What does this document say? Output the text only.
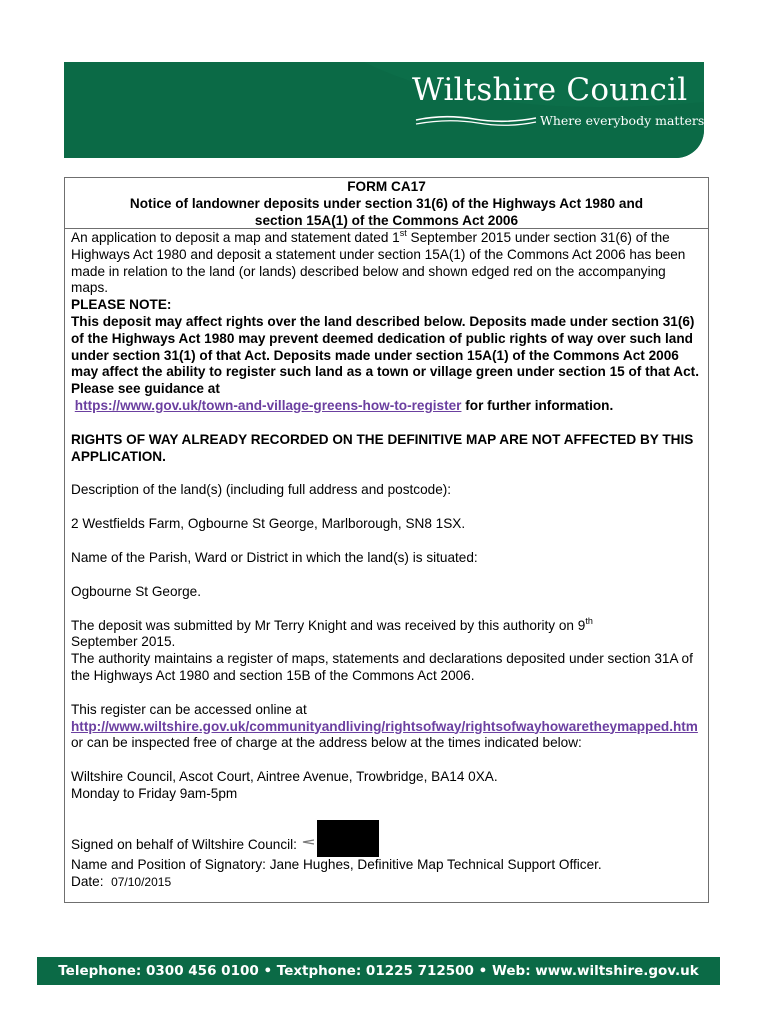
Wiltshire Council
Where everybody matters
FORM CA17
Notice of landowner deposits under section 31(6) of the Highways Act 1980 and
section 15A(1) of the Commons Act 2006

An application to deposit a map and statement dated 1st September 2015 under section 31(6) of the Highways Act 1980 and deposit a statement under section 15A(1) of the Commons Act 2006 has been made in relation to the land (or lands) described below and shown edged red on the accompanying maps.

PLEASE NOTE:

This deposit may affect rights over the land described below. Deposits made under section 31(6) of the Highways Act 1980 may prevent deemed dedication of public rights of way over such land under section 31(1) of that Act. Deposits made under section 15A(1) of the Commons Act 2006 may affect the ability to register such land as a town or village green under section 15 of that Act. Please see guidance at
https://www.gov.uk/town-and-village-greens-how-to-register for further information.

RIGHTS OF WAY ALREADY RECORDED ON THE DEFINITIVE MAP ARE NOT AFFECTED BY THIS APPLICATION.

Description of the land(s) (including full address and postcode):

2 Westfields Farm, Ogbourne St George, Marlborough, SN8 1SX.

Name of the Parish, Ward or District in which the land(s) is situated:

Ogbourne St George.

The deposit was submitted by Mr Terry Knight and was received by this authority on 9th
September 2015.

The authority maintains a register of maps, statements and declarations deposited under section 31A of the Highways Act 1980 and section 15B of the Commons Act 2006.

This register can be accessed online at

http://www.wiltshire.gov.uk/communityandliving/rightsofway/rightsofwayhowaretheymapped.htm or can be inspected free of charge at the address below at the times indicated below:

Wiltshire Council, Ascot Court, Aintree Avenue, Trowbridge, BA14 0XA.

Monday to Friday 9am-5pm

Signed on behalf of Wiltshire Council:

Name and Position of Signatory: Jane Hughes, Definitive Map Technical Support Officer.

Date: 07/10/2015

Telephone: 0300 456 0100 • Textphone: 01225 712500 • Web: www.wiltshire.gov.uk
